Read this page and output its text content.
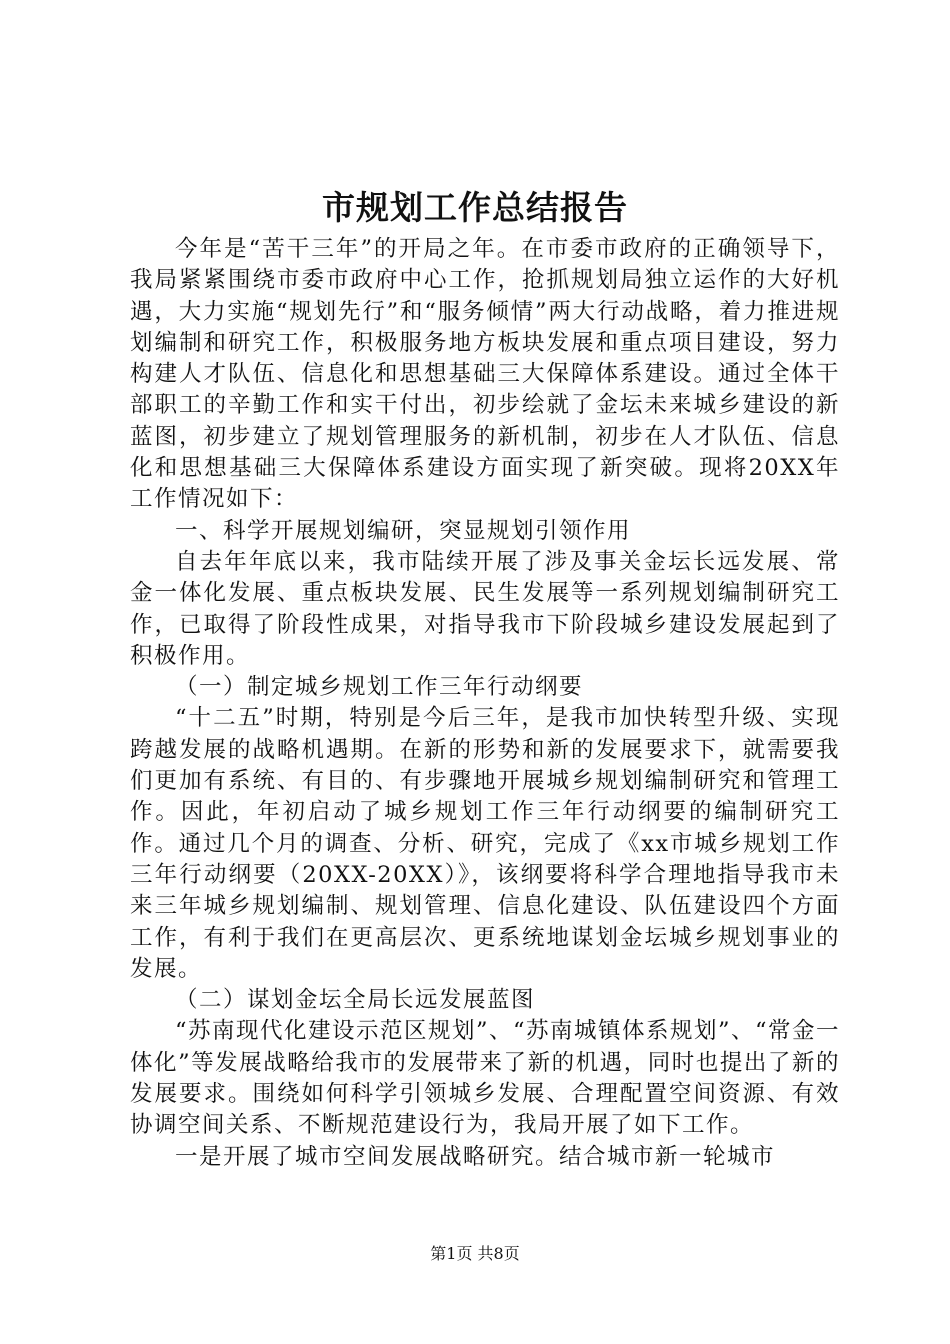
市规划工作总结报告

今年是“苦干三年”的开局之年。在市委市政府的正确领导下，我局紧紧围绕市委市政府中心工作，抢抓规划局独立运作的大好机遇，大力实施“规划先行”和“服务倾情”两大行动战略，着力推进规划编制和研究工作，积极服务地方板块发展和重点项目建设，努力构建人才队伍、信息化和思想基础三大保障体系建设。通过全体干部职工的辛勤工作和实干付出，初步绘就了金坛未来城乡建设的新蓝图，初步建立了规划管理服务的新机制，初步在人才队伍、信息化和思想基础三大保障体系建设方面实现了新突破。现将20XX年工作情况如下：

一、科学开展规划编研，突显规划引领作用

自去年年底以来，我市陆续开展了涉及事关金坛长远发展、常金一体化发展、重点板块发展、民生发展等一系列规划编制研究工作，已取得了阶段性成果，对指导我市下阶段城乡建设发展起到了积极作用。

（一）制定城乡规划工作三年行动纲要

“十二五”时期，特别是今后三年，是我市加快转型升级、实现跨越发展的战略机遇期。在新的形势和新的发展要求下，就需要我们更加有系统、有目的、有步骤地开展城乡规划编制研究和管理工作。因此，年初启动了城乡规划工作三年行动纲要的编制研究工作。通过几个月的调查、分析、研究，完成了《xx市城乡规划工作三年行动纲要（20XX-20XX）》，该纲要将科学合理地指导我市未来三年城乡规划编制、规划管理、信息化建设、队伍建设四个方面工作，有利于我们在更高层次、更系统地谋划金坛城乡规划事业的发展。

（二）谋划金坛全局长远发展蓝图

“苏南现代化建设示范区规划”、“苏南城镇体系规划”、“常金一体化”等发展战略给我市的发展带来了新的机遇，同时也提出了新的发展要求。围绕如何科学引领城乡发展、合理配置空间资源、有效协调空间关系、不断规范建设行为，我局开展了如下工作。

一是开展了城市空间发展战略研究。结合城市新一轮城市

第1页 共8页
